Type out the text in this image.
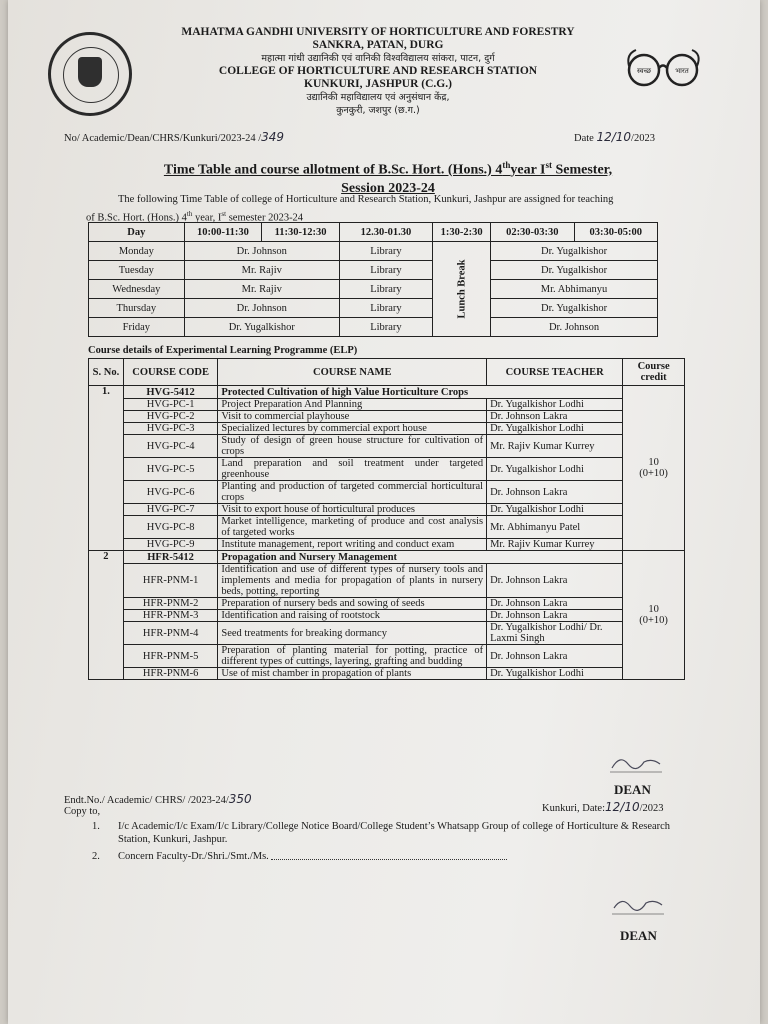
स्वच्छ	भारत
MAHATMA GANDHI UNIVERSITY OF HORTICULTURE AND FORESTRY
SANKRA, PATAN, DURG
महात्मा गांधी उद्यानिकी एवं वानिकी विश्वविद्यालय सांकरा, पाटन, दुर्ग
COLLEGE OF HORTICULTURE AND RESEARCH STATION
KUNKURI, JASHPUR (C.G.)
उद्यानिकी महाविद्यालय एवं अनुसंधान केंद्र,
कुनकुरी, जशपुर (छ.ग.)
No/ Academic/Dean/CHRS/Kunkuri/2023-24 /349	Date 12/10/2023
Time Table and course allotment of B.Sc. Hort. (Hons.) 4thyear Ist Semester,
Session 2023-24
The following Time Table of college of Horticulture and Research Station, Kunkuri, Jashpur are assigned for teaching
of B.Sc. Hort. (Hons.) 4th year, Ist semester 2023-24
Day	10:00-11:30	11:30-12:30	12.30-01.30	1:30-2:30	02:30-03:30	03:30-05:00
Monday	Dr. Johnson		Library	Lunch Break	Dr. Yugalkishor	
Tuesday	Mr. Rajiv		Library		Dr. Yugalkishor	
Wednesday	Mr. Rajiv		Library		Mr. Abhimanyu	
Thursday	Dr. Johnson		Library		Dr. Yugalkishor	
Friday	Dr. Yugalkishor		Library		Dr. Johnson	
Course details of Experimental Learning Programme (ELP)
S. No.	COURSE CODE	COURSE NAME	COURSE TEACHER	Course credit
1.	HVG-5412	Protected Cultivation of high Value Horticulture Crops		10
(0+10)

	HVG-PC-1	Project Preparation And Planning	Dr. Yugalkishor Lodhi	
	HVG-PC-2	Visit to commercial playhouse	Dr. Johnson Lakra	
	HVG-PC-3	Specialized lectures by commercial export house	Dr. Yugalkishor Lodhi	
	HVG-PC-4	Study of design of green house structure for cultivation of crops	Mr. Rajiv Kumar Kurrey	
	HVG-PC-5	Land preparation and soil treatment under targeted greenhouse	Dr. Yugalkishor Lodhi	
	HVG-PC-6	Planting and production of targeted commercial horticultural crops	Dr. Johnson Lakra	
	HVG-PC-7	Visit to export house of horticultural produces	Dr. Yugalkishor Lodhi	
	HVG-PC-8	Market intelligence, marketing of produce and cost analysis of targeted works	Mr. Abhimanyu Patel	
	HVG-PC-9	Institute management, report writing and conduct exam	Mr. Rajiv Kumar Kurrey	
2	HFR-5412	Propagation and Nursery Management		10
(0+10)

	HFR-PNM-1	Identification and use of different types of nursery tools and implements and media for propagation of plants in nursery beds, potting, reporting	Dr. Johnson Lakra	
	HFR-PNM-2	Preparation of nursery beds and sowing of seeds	Dr. Johnson Lakra	
	HFR-PNM-3	Identification and raising of rootstock	Dr. Johnson Lakra	
	HFR-PNM-4	Seed treatments for breaking dormancy	Dr. Yugalkishor Lodhi/ Dr. Laxmi Singh	
	HFR-PNM-5	Preparation of planting material for potting, practice of different types of cuttings, layering, grafting and budding	Dr. Johnson Lakra	
	HFR-PNM-6	Use of mist chamber in propagation of plants	Dr. Yugalkishor Lodhi	
DEAN
Kunkuri, Date:12/10/2023
Endt.No./ Academic/ CHRS/ /2023-24/350
Copy to,
1.	I/c Academic/I/c Exam/I/c Library/College Notice Board/College Student’s Whatsapp Group of college of Horticulture & Research Station, Kunkuri, Jashpur.
2.	Concern Faculty-Dr./Shri./Smt./Ms.
DEAN
